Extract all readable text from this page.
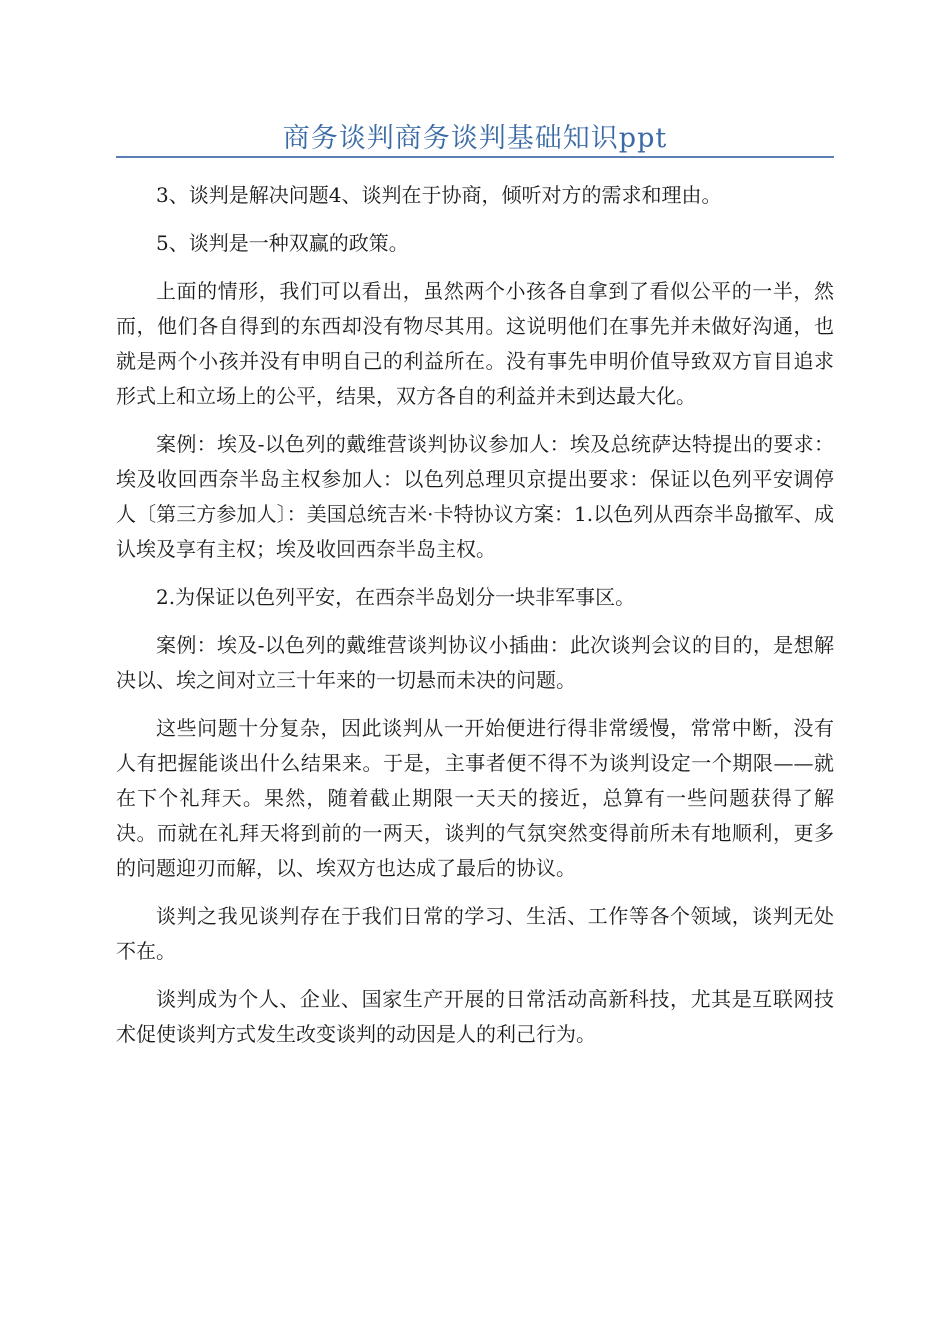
商务谈判商务谈判基础知识ppt

3、谈判是解决问题4、谈判在于协商，倾听对方的需求和理由。

5、谈判是一种双赢的政策。

上面的情形，我们可以看出，虽然两个小孩各自拿到了看似公平的一半，然而，他们各自得到的东西却没有物尽其用。这说明他们在事先并未做好沟通，也就是两个小孩并没有申明自己的利益所在。没有事先申明价值导致双方盲目追求形式上和立场上的公平，结果，双方各自的利益并未到达最大化。

案例：埃及-以色列的戴维营谈判协议参加人：埃及总统萨达特提出的要求：埃及收回西奈半岛主权参加人：以色列总理贝京提出要求：保证以色列平安调停人〔第三方参加人〕：美国总统吉米·卡特协议方案：1.以色列从西奈半岛撤军、成认埃及享有主权；埃及收回西奈半岛主权。

2.为保证以色列平安，在西奈半岛划分一块非军事区。

案例：埃及-以色列的戴维营谈判协议小插曲：此次谈判会议的目的，是想解决以、埃之间对立三十年来的一切悬而未决的问题。

这些问题十分复杂，因此谈判从一开始便进行得非常缓慢，常常中断，没有人有把握能谈出什么结果来。于是，主事者便不得不为谈判设定一个期限——就在下个礼拜天。果然，随着截止期限一天天的接近，总算有一些问题获得了解决。而就在礼拜天将到前的一两天，谈判的气氛突然变得前所未有地顺利，更多的问题迎刃而解，以、埃双方也达成了最后的协议。

谈判之我见谈判存在于我们日常的学习、生活、工作等各个领域，谈判无处不在。

谈判成为个人、企业、国家生产开展的日常活动高新科技，尤其是互联网技术促使谈判方式发生改变谈判的动因是人的利己行为。
